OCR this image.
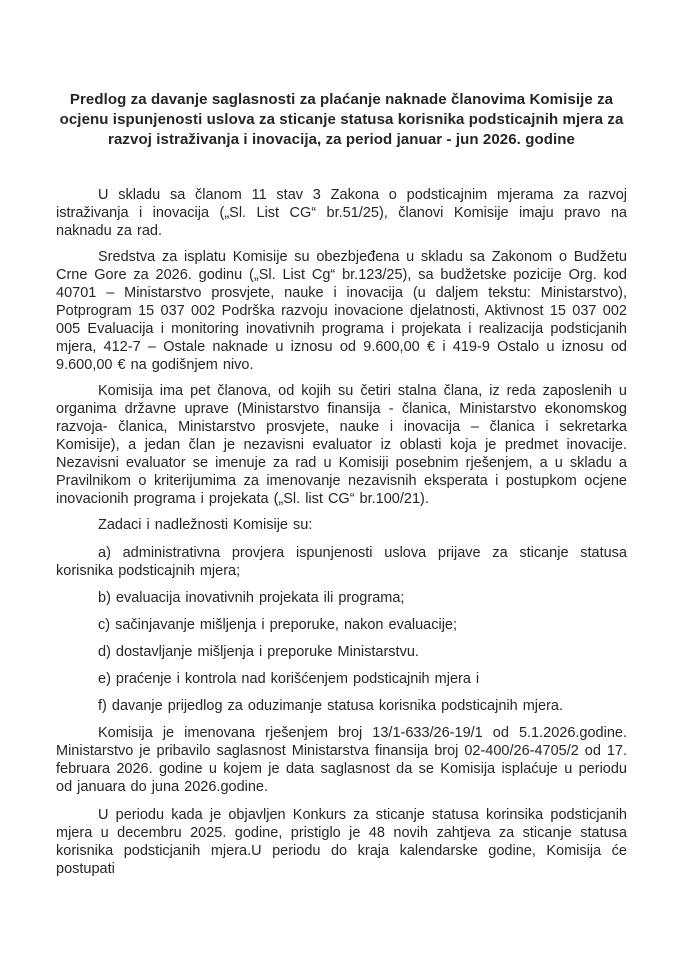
Predlog za davanje saglasnosti za plaćanje naknade članovima Komisije za ocjenu ispunjenosti uslova za sticanje statusa korisnika podsticajnih mjera za razvoj istraživanja i inovacija, za period januar - jun 2026. godine

U skladu sa članom 11 stav 3 Zakona o podsticajnim mjerama za razvoj istraživanja i inovacija („Sl. List CG“ br.51/25), članovi Komisije imaju pravo na naknadu za rad.

Sredstva za isplatu Komisije su obezbjeđena u skladu sa Zakonom o Budžetu Crne Gore za 2026. godinu („Sl. List Cg“ br.123/25), sa budžetske pozicije Org. kod 40701 – Ministarstvo prosvjete, nauke i inovacija (u daljem tekstu: Ministarstvo), Potprogram 15 037 002 Podrška razvoju inovacione djelatnosti, Aktivnost 15 037 002 005 Evaluacija i monitoring inovativnih programa i projekata i realizacija podsticjanih mjera, 412-7 – Ostale naknade u iznosu od 9.600,00 € i 419-9 Ostalo u iznosu od 9.600,00 € na godišnjem nivo.

Komisija ima pet članova, od kojih su četiri stalna člana, iz reda zaposlenih u organima državne uprave (Ministarstvo finansija - članica, Ministarstvo ekonomskog razvoja- članica, Ministarstvo prosvjete, nauke i inovacija – članica i sekretarka Komisije), a jedan član je nezavisni evaluator iz oblasti koja je predmet inovacije. Nezavisni evaluator se imenuje za rad u Komisiji posebnim rješenjem, a u skladu a Pravilnikom o kriterijumima za imenovanje nezavisnih eksperata i postupkom ocjene inovacionih programa i projekata („Sl. list CG“ br.100/21).

Zadaci i nadležnosti Komisije su:

a) administrativna provjera ispunjenosti uslova prijave za sticanje statusa korisnika podsticajnih mjera;

b) evaluacija inovativnih projekata ili programa;

c) sačinjavanje mišljenja i preporuke, nakon evaluacije;

d) dostavljanje mišljenja i preporuke Ministarstvu.

e) praćenje i kontrola nad korišćenjem podsticajnih mjera i

f) davanje prijedlog za oduzimanje statusa korisnika podsticajnih mjera.

Komisija je imenovana rješenjem broj 13/1-633/26-19/1 od 5.1.2026.godine. Ministarstvo je pribavilo saglasnost Ministarstva finansija broj 02-400/26-4705/2 od 17. februara 2026. godine u kojem je data saglasnost da se Komisija isplaćuje u periodu od januara do juna 2026.godine.

U periodu kada je objavljen Konkurs za sticanje statusa korinsika podsticjanih mjera u decembru 2025. godine, pristiglo je 48 novih zahtjeva za sticanje statusa korisnika podsticjanih mjera.U periodu do kraja kalendarske godine, Komisija će postupati
